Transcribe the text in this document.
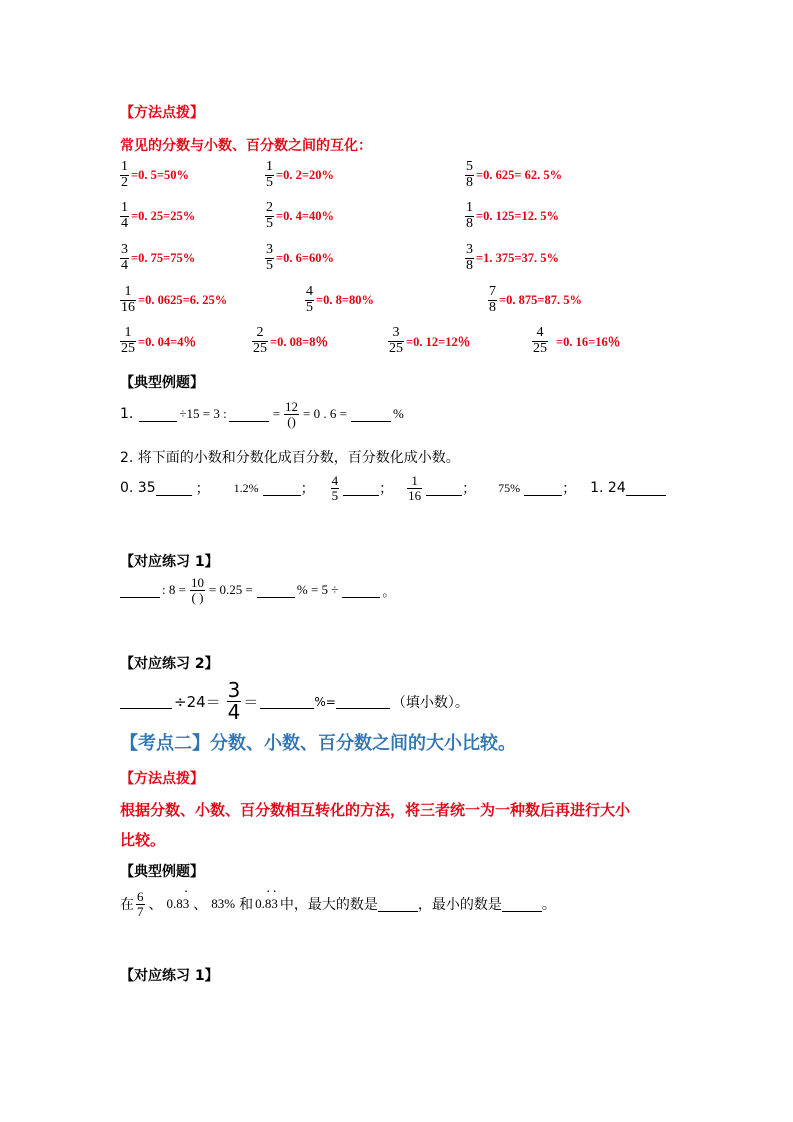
【方法点拨】
常见的分数与小数、百分数之间的互化：
$\frac{1}{2} =0$. 5=50%	$\frac{1}{5} =0$. 2=20%	$\frac{5}{8} =0$. 625= 62. 5%
$\frac{1}{4} =0$. 25=25%	$\frac{2}{5} =0$. 4=40%	$\frac{1}{8} =0$. 125=12. 5%
$\frac{3}{4} =0$. 75=75%	$\frac{3}{5} =0$. 6=60%	$\frac{3}{8} =1$. 375=37. 5%
$\frac{1}{16} =0$. 0625=6. 25%	$\frac{4}{5} =0$. 8=80%	$\frac{7}{8} =0$. 875=87. 5%
$\frac{1}{25} =0$. 04=4％	$\frac{2}{25} =0$. 08=8％	$\frac{3}{25} =0$. 12=12％	$\frac{4}{25} =0$. 16=16％
【典型例题】
1.	÷15 = 3 :	= $\frac{12}{()} = 0$ . 6 =	%
2. 将下面的小数和分数化成百分数，百分数化成小数。
0. 35	； 1.2%	； $\frac{4}{5}$	； $\frac{1}{16}$	； 75%	； 1. 24
【对应练习 1】
: $8 = \frac{10}{( )} = 0.25$ =	% = 5 ÷	。
【对应练习 2】
$\div 24= \frac{3}{4}$ ＝	%=	（填小数）。
【考点二】分数、小数、百分数之间的大小比较。
【方法点拨】
根据分数、小数、百分数相互转化的方法，将三者统一为一种数后再进行大小
比较。
【典型例题】
在 $\frac{6}{7}$ 、 0.8· 3 、 83% 和 0.· 8· 3 中，最大的数是	，最小的数是	。
【对应练习 1】
